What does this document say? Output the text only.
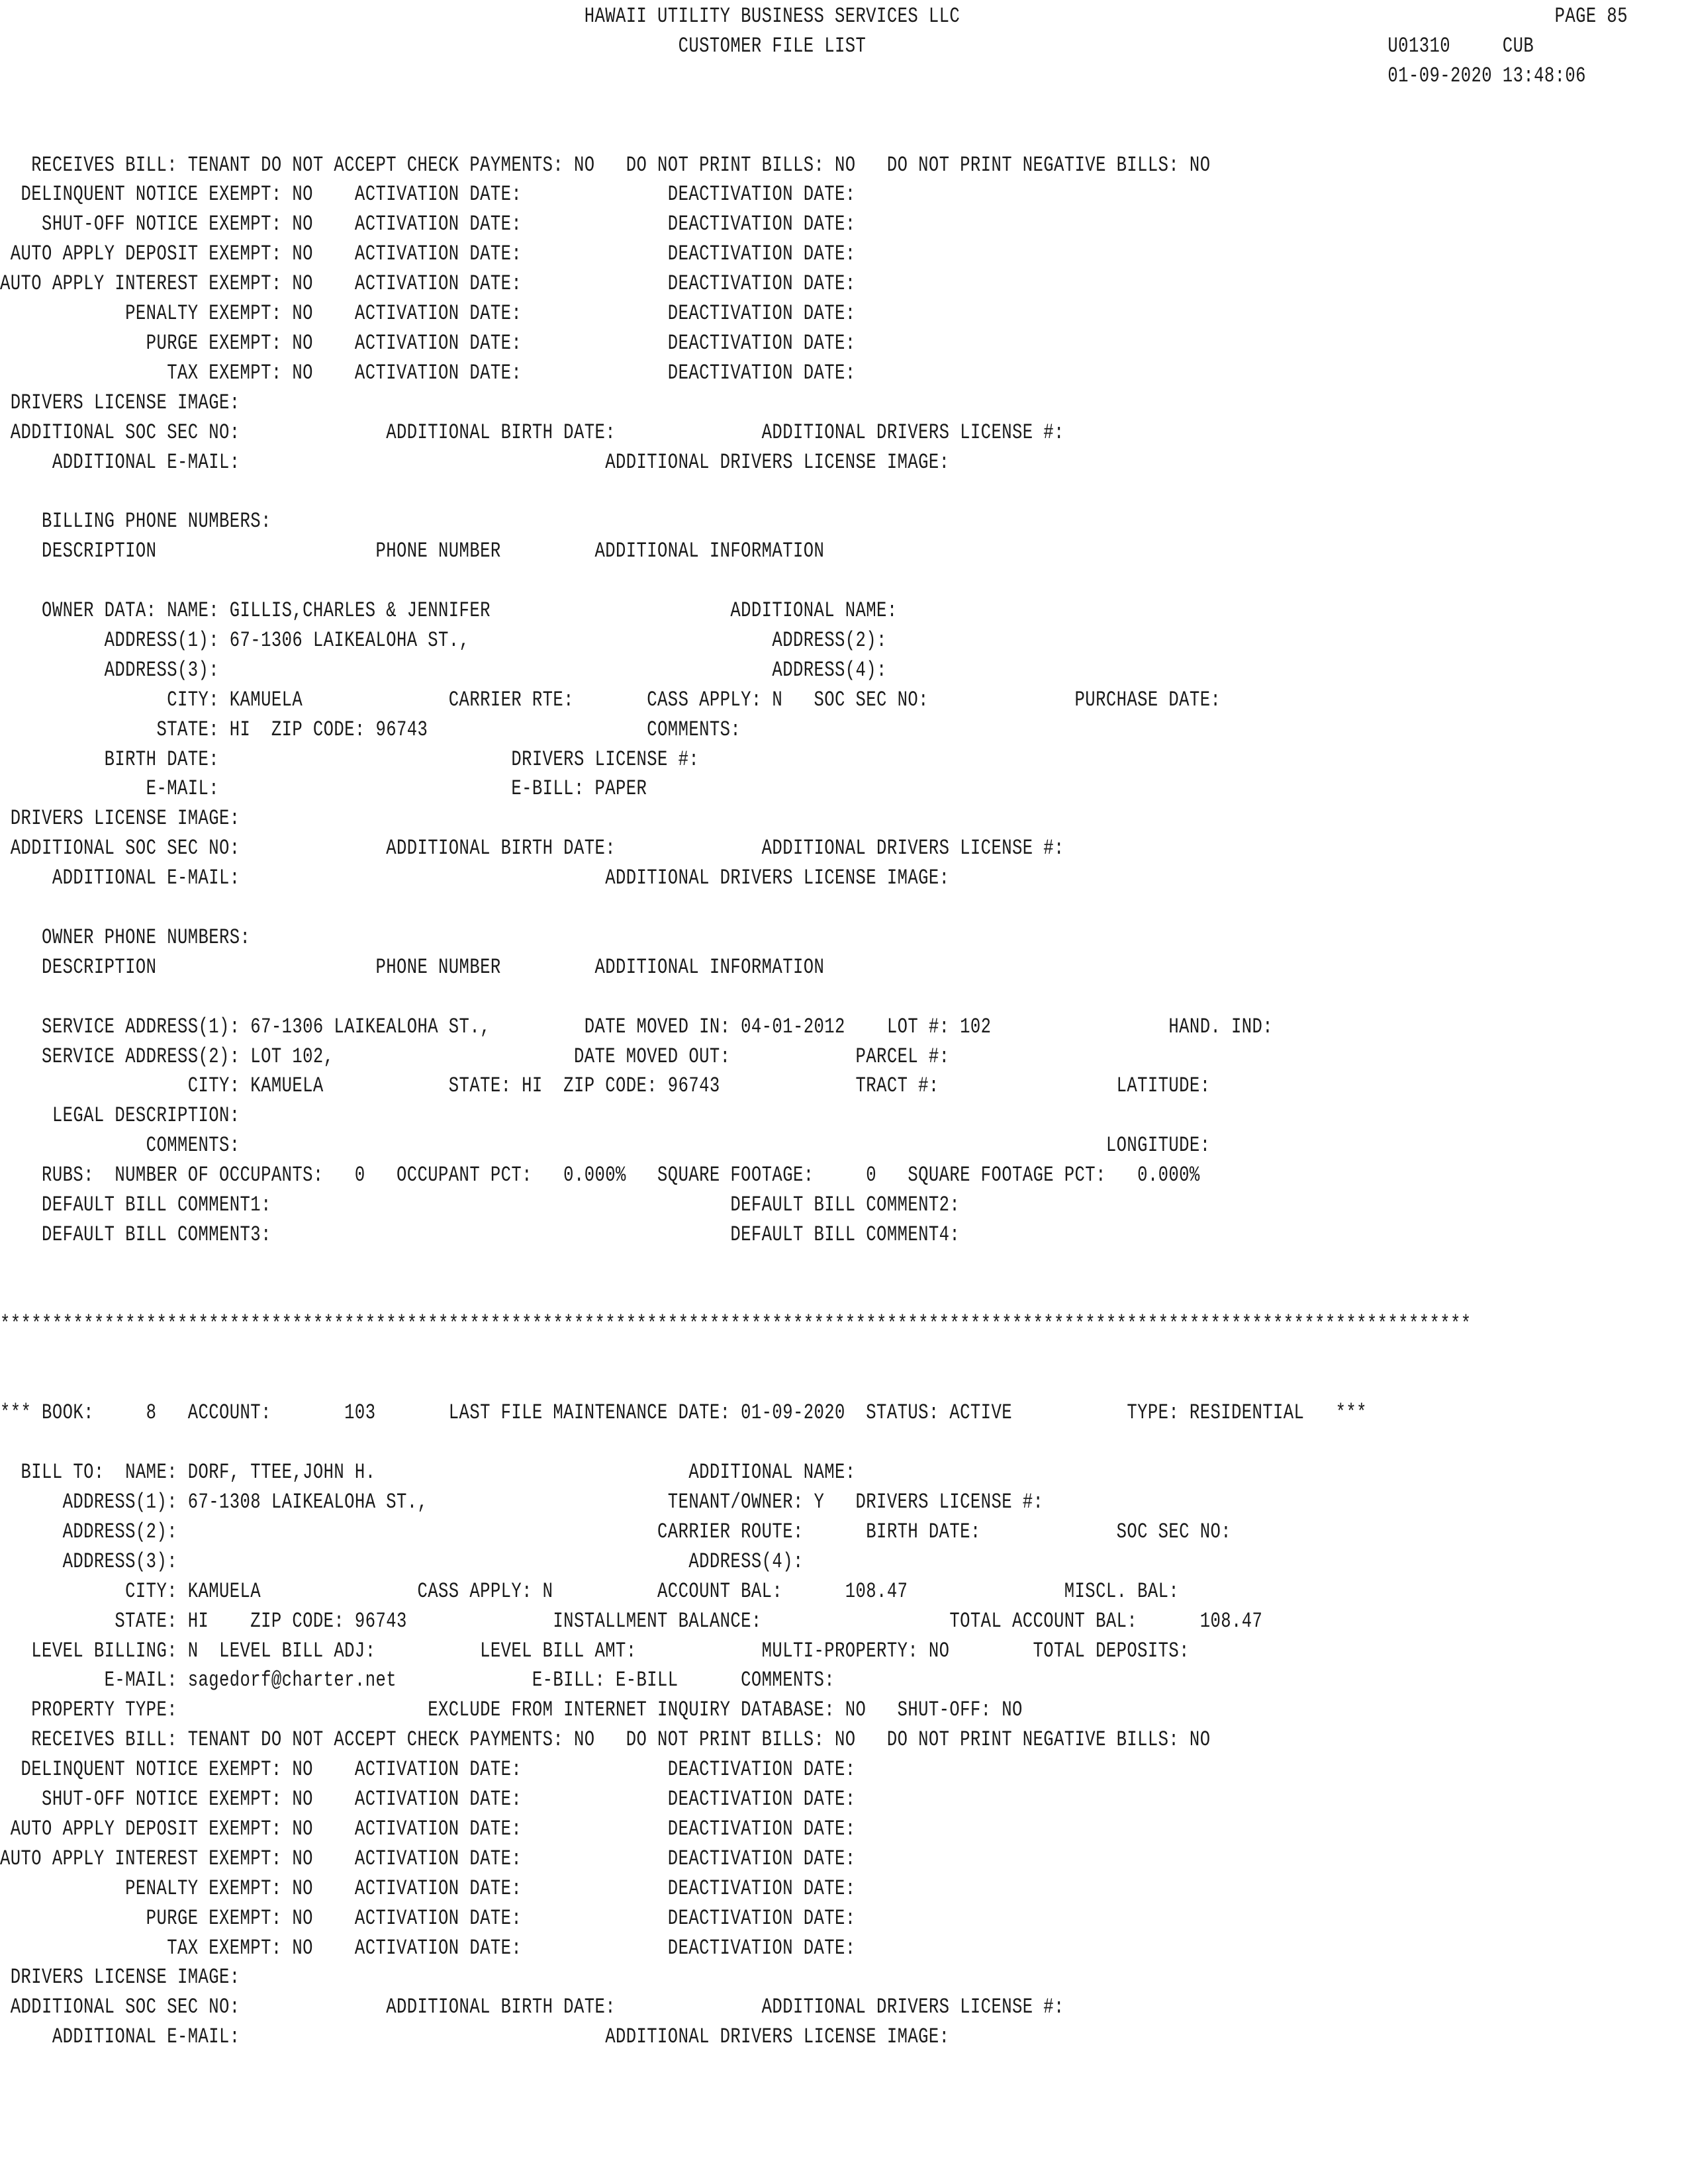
HAWAII UTILITY BUSINESS SERVICES LLC                                                         PAGE 85
CUSTOMER FILE LIST                                                  U01310     CUB
01-09-2020 13:48:06
RECEIVES BILL: TENANT DO NOT ACCEPT CHECK PAYMENTS: NO   DO NOT PRINT BILLS: NO   DO NOT PRINT NEGATIVE BILLS: NO
DELINQUENT NOTICE EXEMPT: NO    ACTIVATION DATE:              DEACTIVATION DATE:
SHUT-OFF NOTICE EXEMPT: NO    ACTIVATION DATE:              DEACTIVATION DATE:
AUTO APPLY DEPOSIT EXEMPT: NO    ACTIVATION DATE:              DEACTIVATION DATE:
AUTO APPLY INTEREST EXEMPT: NO    ACTIVATION DATE:              DEACTIVATION DATE:
PENALTY EXEMPT: NO    ACTIVATION DATE:              DEACTIVATION DATE:
PURGE EXEMPT: NO    ACTIVATION DATE:              DEACTIVATION DATE:
TAX EXEMPT: NO    ACTIVATION DATE:              DEACTIVATION DATE:
DRIVERS LICENSE IMAGE:
ADDITIONAL SOC SEC NO:              ADDITIONAL BIRTH DATE:              ADDITIONAL DRIVERS LICENSE #:
ADDITIONAL E-MAIL:                                   ADDITIONAL DRIVERS LICENSE IMAGE:
BILLING PHONE NUMBERS:
DESCRIPTION                     PHONE NUMBER         ADDITIONAL INFORMATION
OWNER DATA: NAME: GILLIS,CHARLES & JENNIFER                       ADDITIONAL NAME:
ADDRESS(1): 67-1306 LAIKEALOHA ST.,                             ADDRESS(2):
ADDRESS(3):                                                     ADDRESS(4):
CITY: KAMUELA              CARRIER RTE:       CASS APPLY: N   SOC SEC NO:              PURCHASE DATE:
STATE: HI  ZIP CODE: 96743                     COMMENTS:
BIRTH DATE:                            DRIVERS LICENSE #:
E-MAIL:                            E-BILL: PAPER
DRIVERS LICENSE IMAGE:
ADDITIONAL SOC SEC NO:              ADDITIONAL BIRTH DATE:              ADDITIONAL DRIVERS LICENSE #:
ADDITIONAL E-MAIL:                                   ADDITIONAL DRIVERS LICENSE IMAGE:
OWNER PHONE NUMBERS:
DESCRIPTION                     PHONE NUMBER         ADDITIONAL INFORMATION
SERVICE ADDRESS(1): 67-1306 LAIKEALOHA ST.,         DATE MOVED IN: 04-01-2012    LOT #: 102                 HAND. IND:
SERVICE ADDRESS(2): LOT 102,                       DATE MOVED OUT:            PARCEL #:
CITY: KAMUELA            STATE: HI  ZIP CODE: 96743             TRACT #:                 LATITUDE:
LEGAL DESCRIPTION:
COMMENTS:                                                                                   LONGITUDE:
RUBS:  NUMBER OF OCCUPANTS:   0   OCCUPANT PCT:   0.000%   SQUARE FOOTAGE:     0   SQUARE FOOTAGE PCT:   0.000%
DEFAULT BILL COMMENT1:                                            DEFAULT BILL COMMENT2:
DEFAULT BILL COMMENT3:                                            DEFAULT BILL COMMENT4:
*********************************************************************************************************************************************
*** BOOK:     8   ACCOUNT:       103       LAST FILE MAINTENANCE DATE: 01-09-2020  STATUS: ACTIVE           TYPE: RESIDENTIAL   ***
BILL TO:  NAME: DORF, TTEE,JOHN H.                              ADDITIONAL NAME:
ADDRESS(1): 67-1308 LAIKEALOHA ST.,                       TENANT/OWNER: Y   DRIVERS LICENSE #:
ADDRESS(2):                                              CARRIER ROUTE:      BIRTH DATE:             SOC SEC NO:
ADDRESS(3):                                                 ADDRESS(4):
CITY: KAMUELA               CASS APPLY: N          ACCOUNT BAL:      108.47               MISCL. BAL:
STATE: HI    ZIP CODE: 96743              INSTALLMENT BALANCE:                  TOTAL ACCOUNT BAL:      108.47
LEVEL BILLING: N  LEVEL BILL ADJ:          LEVEL BILL AMT:            MULTI-PROPERTY: NO        TOTAL DEPOSITS:
E-MAIL: sagedorf@charter.net             E-BILL: E-BILL      COMMENTS:
PROPERTY TYPE:                        EXCLUDE FROM INTERNET INQUIRY DATABASE: NO   SHUT-OFF: NO
RECEIVES BILL: TENANT DO NOT ACCEPT CHECK PAYMENTS: NO   DO NOT PRINT BILLS: NO   DO NOT PRINT NEGATIVE BILLS: NO
DELINQUENT NOTICE EXEMPT: NO    ACTIVATION DATE:              DEACTIVATION DATE:
SHUT-OFF NOTICE EXEMPT: NO    ACTIVATION DATE:              DEACTIVATION DATE:
AUTO APPLY DEPOSIT EXEMPT: NO    ACTIVATION DATE:              DEACTIVATION DATE:
AUTO APPLY INTEREST EXEMPT: NO    ACTIVATION DATE:              DEACTIVATION DATE:
PENALTY EXEMPT: NO    ACTIVATION DATE:              DEACTIVATION DATE:
PURGE EXEMPT: NO    ACTIVATION DATE:              DEACTIVATION DATE:
TAX EXEMPT: NO    ACTIVATION DATE:              DEACTIVATION DATE:
DRIVERS LICENSE IMAGE:
ADDITIONAL SOC SEC NO:              ADDITIONAL BIRTH DATE:              ADDITIONAL DRIVERS LICENSE #:
ADDITIONAL E-MAIL:                                   ADDITIONAL DRIVERS LICENSE IMAGE:
